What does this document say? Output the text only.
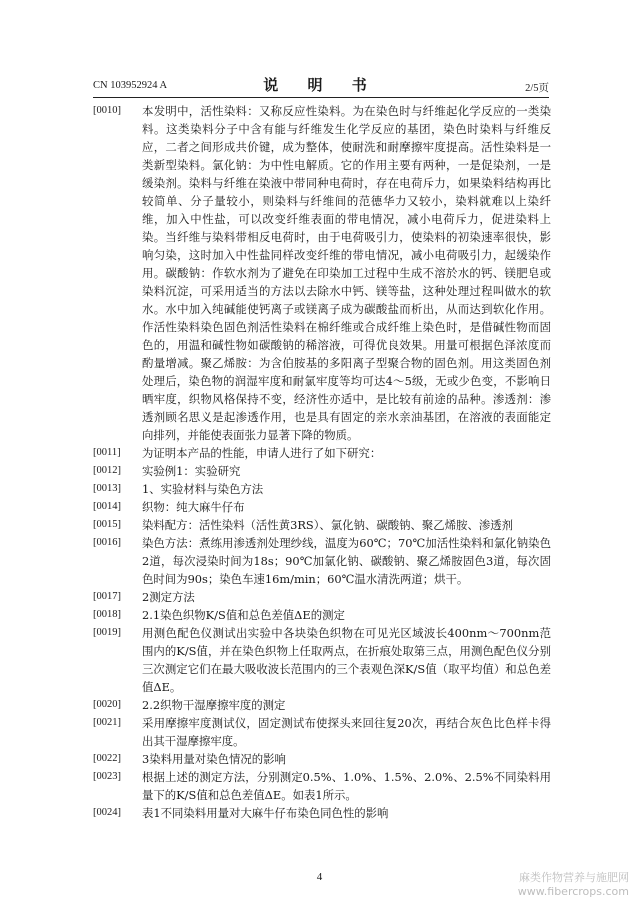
CN 103952924 A	说 明 书	2/5页
[0010] 本发明中，活性染料：又称反应性染料。为在染色时与纤维起化学反应的一类染料。这类染料分子中含有能与纤维发生化学反应的基团，染色时染料与纤维反应，二者之间形成共价键，成为整体，使耐洗和耐摩擦牢度提高。活性染料是一类新型染料。氯化钠：为中性电解质。它的作用主要有两种，一是促染剂，一是缓染剂。染料与纤维在染液中带同种电荷时，存在电荷斥力，如果染料结构再比较简单、分子量较小，则染料与纤维间的范德华力又较小，染料就难以上染纤维，加入中性盐，可以改变纤维表面的带电情况，减小电荷斥力，促进染料上染。当纤维与染料带相反电荷时，由于电荷吸引力，使染料的初染速率很快，影响匀染，这时加入中性盐同样改变纤维的带电情况，减小电荷吸引力，起缓染作用。碳酸钠：作软水剂为了避免在印染加工过程中生成不溶於水的钙、镁肥皂或染料沉淀，可采用适当的方法以去除水中钙、镁等盐，这种处理过程叫做水的软水。水中加入纯碱能使钙离子或镁离子成为碳酸盐而析出，从而达到软化作用。作活性染料染色固色剂活性染料在棉纤维或合成纤维上染色时，是借碱性物而固色的，用温和碱性物如碳酸钠的稀溶液，可得优良效果。用量可根据色泽浓度而酌量增减。聚乙烯胺：为含伯胺基的多阳离子型聚合物的固色剂。用这类固色剂处理后，染色物的润湿牢度和耐氯牢度等均可达4～5级，无或少色变，不影响日晒牢度，织物风格保持不变，经济性亦适中，是比较有前途的品种。渗透剂：渗透剂顾名思义是起渗透作用，也是具有固定的亲水亲油基团，在溶液的表面能定向排列，并能使表面张力显著下降的物质。
[0011] 为证明本产品的性能，申请人进行了如下研究：
[0012] 实验例1：实验研究
[0013] 1、实验材料与染色方法
[0014] 织物：纯大麻牛仔布
[0015] 染料配方：活性染料（活性黄3RS）、氯化钠、碳酸钠、聚乙烯胺、渗透剂
[0016] 染色方法：煮练用渗透剂处理纱线，温度为60℃；70℃加活性染料和氯化钠染色2道，每次浸染时间为18s；90℃加氯化钠、碳酸钠、聚乙烯胺固色3道，每次固色时间为90s；染色车速16m/min；60℃温水清洗两道；烘干。
[0017] 2测定方法
[0018] 2.1染色织物K/S值和总色差值ΔE的测定
[0019] 用测色配色仪测试出实验中各块染色织物在可见光区域波长400nm～700nm范围内的K/S值，并在染色织物上任取两点，在折痕处取第三点，用测色配色仪分别三次测定它们在最大吸收波长范围内的三个表观色深K/S值（取平均值）和总色差值ΔE。
[0020] 2.2织物干湿摩擦牢度的测定
[0021] 采用摩擦牢度测试仪，固定测试布使探头来回往复20次，再结合灰色比色样卡得出其干湿摩擦牢度。
[0022] 3染料用量对染色情况的影响
[0023] 根据上述的测定方法，分别测定0.5%、1.0%、1.5%、2.0%、2.5%不同染料用量下的K/S值和总色差值ΔE。如表1所示。
[0024] 表1不同染料用量对大麻牛仔布染色同色性的影响
4	麻类作物营养与施肥网
www.fibercrops.com
